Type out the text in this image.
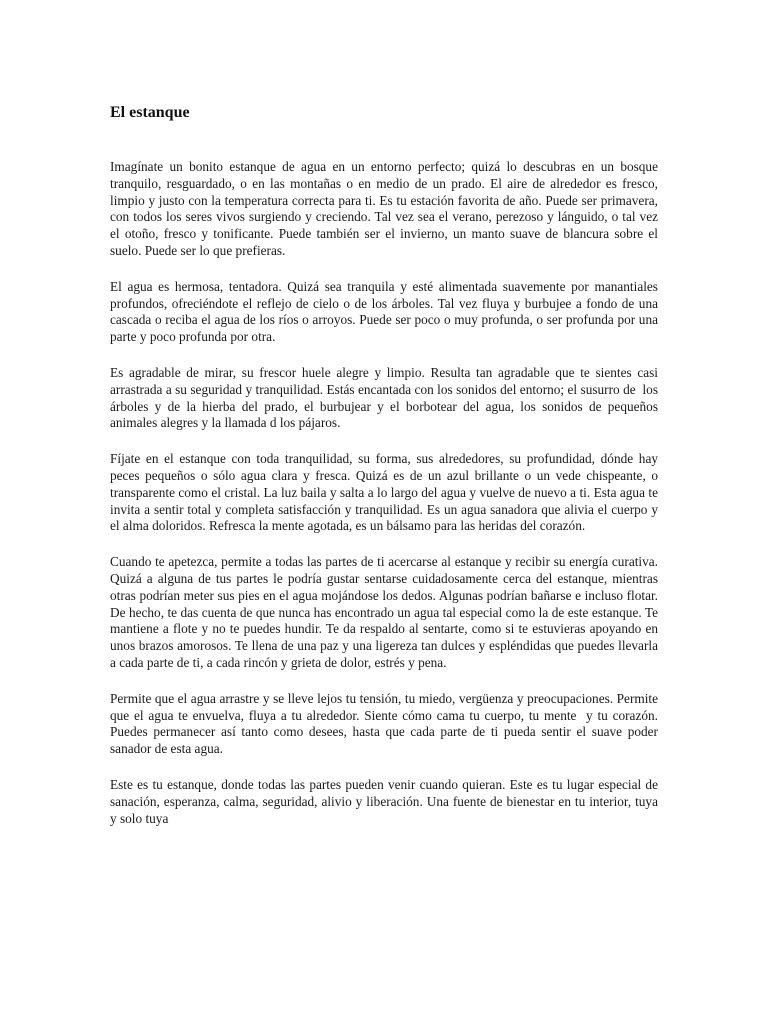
El estanque

Imagínate un bonito estanque de agua en un entorno perfecto; quizá lo descubras en un bosque tranquilo, resguardado, o en las montañas o en medio de un prado. El aire de alrededor es fresco, limpio y justo con la temperatura correcta para ti. Es tu estación favorita de año. Puede ser primavera, con todos los seres vivos surgiendo y creciendo. Tal vez sea el verano, perezoso y lánguido, o tal vez el otoño, fresco y tonificante. Puede también ser el invierno, un manto suave de blancura sobre el suelo. Puede ser lo que prefieras.

El agua es hermosa, tentadora. Quizá sea tranquila y esté alimentada suavemente por manantiales profundos, ofreciéndote el reflejo de cielo o de los árboles. Tal vez fluya y burbujee a fondo de una cascada o reciba el agua de los ríos o arroyos. Puede ser poco o muy profunda, o ser profunda por una parte y poco profunda por otra.

Es agradable de mirar, su frescor huele alegre y limpio. Resulta tan agradable que te sientes casi arrastrada a su seguridad y tranquilidad. Estás encantada con los sonidos del entorno; el susurro de  los árboles y de la hierba del prado, el burbujear y el borbotear del agua, los sonidos de pequeños animales alegres y la llamada d los pájaros.

Fíjate en el estanque con toda tranquilidad, su forma, sus alrededores, su profundidad, dónde hay peces pequeños o sólo agua clara y fresca. Quizá es de un azul brillante o un vede chispeante, o transparente como el cristal. La luz baila y salta a lo largo del agua y vuelve de nuevo a ti. Esta agua te invita a sentir total y completa satisfacción y tranquilidad. Es un agua sanadora que alivia el cuerpo y el alma doloridos. Refresca la mente agotada, es un bálsamo para las heridas del corazón.

Cuando te apetezca, permite a todas las partes de ti acercarse al estanque y recibir su energía curativa. Quizá a alguna de tus partes le podría gustar sentarse cuidadosamente cerca del estanque, mientras otras podrían meter sus pies en el agua mojándose los dedos. Algunas podrían bañarse e incluso flotar. De hecho, te das cuenta de que nunca has encontrado un agua tal especial como la de este estanque. Te mantiene a flote y no te puedes hundir. Te da respaldo al sentarte, como si te estuvieras apoyando en unos brazos amorosos. Te llena de una paz y una ligereza tan dulces y espléndidas que puedes llevarla a cada parte de ti, a cada rincón y grieta de dolor, estrés y pena.

Permite que el agua arrastre y se lleve lejos tu tensión, tu miedo, vergüenza y preocupaciones. Permite que el agua te envuelva, fluya a tu alrededor. Siente cómo cama tu cuerpo, tu mente  y tu corazón. Puedes permanecer así tanto como desees, hasta que cada parte de ti pueda sentir el suave poder sanador de esta agua.

Este es tu estanque, donde todas las partes pueden venir cuando quieran. Este es tu lugar especial de sanación, esperanza, calma, seguridad, alivio y liberación. Una fuente de bienestar en tu interior, tuya y solo tuya
